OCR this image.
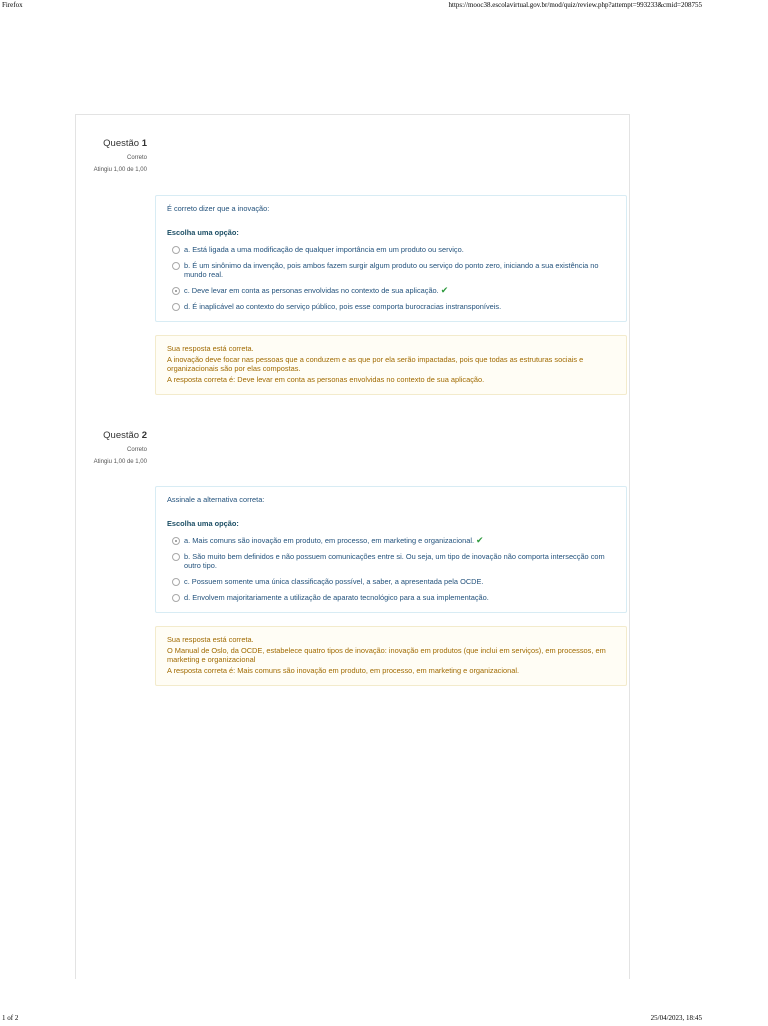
Firefox	https://mooc38.escolavirtual.gov.br/mod/quiz/review.php?attempt=993233&cmid=208755
Questão 1
Correto
Atingiu 1,00 de 1,00
É correto dizer que a inovação:
Escolha uma opção:
a. Está ligada a uma modificação de qualquer importância em um produto ou serviço.
b. É um sinônimo da invenção, pois ambos fazem surgir algum produto ou serviço do ponto zero, iniciando a sua existência no mundo real.
c. Deve levar em conta as personas envolvidas no contexto de sua aplicação. ✔
d. É inaplicável ao contexto do serviço público, pois esse comporta burocracias instransponíveis.

Sua resposta está correta.

A inovação deve focar nas pessoas que a conduzem e as que por ela serão impactadas, pois que todas as estruturas sociais e organizacionais são por elas compostas.

A resposta correta é: Deve levar em conta as personas envolvidas no contexto de sua aplicação.

Questão 2
Correto
Atingiu 1,00 de 1,00
Assinale a alternativa correta:
Escolha uma opção:
a. Mais comuns são inovação em produto, em processo, em marketing e organizacional. ✔
b. São muito bem definidos e não possuem comunicações entre si. Ou seja, um tipo de inovação não comporta intersecção com outro tipo.
c. Possuem somente uma única classificação possível, a saber, a apresentada pela OCDE.
d. Envolvem majoritariamente a utilização de aparato tecnológico para a sua implementação.

Sua resposta está correta.

O Manual de Oslo, da OCDE, estabelece quatro tipos de inovação: inovação em produtos (que inclui em serviços), em processos, em marketing e organizacional

A resposta correta é: Mais comuns são inovação em produto, em processo, em marketing e organizacional.

1 of 2	25/04/2023, 18:45
